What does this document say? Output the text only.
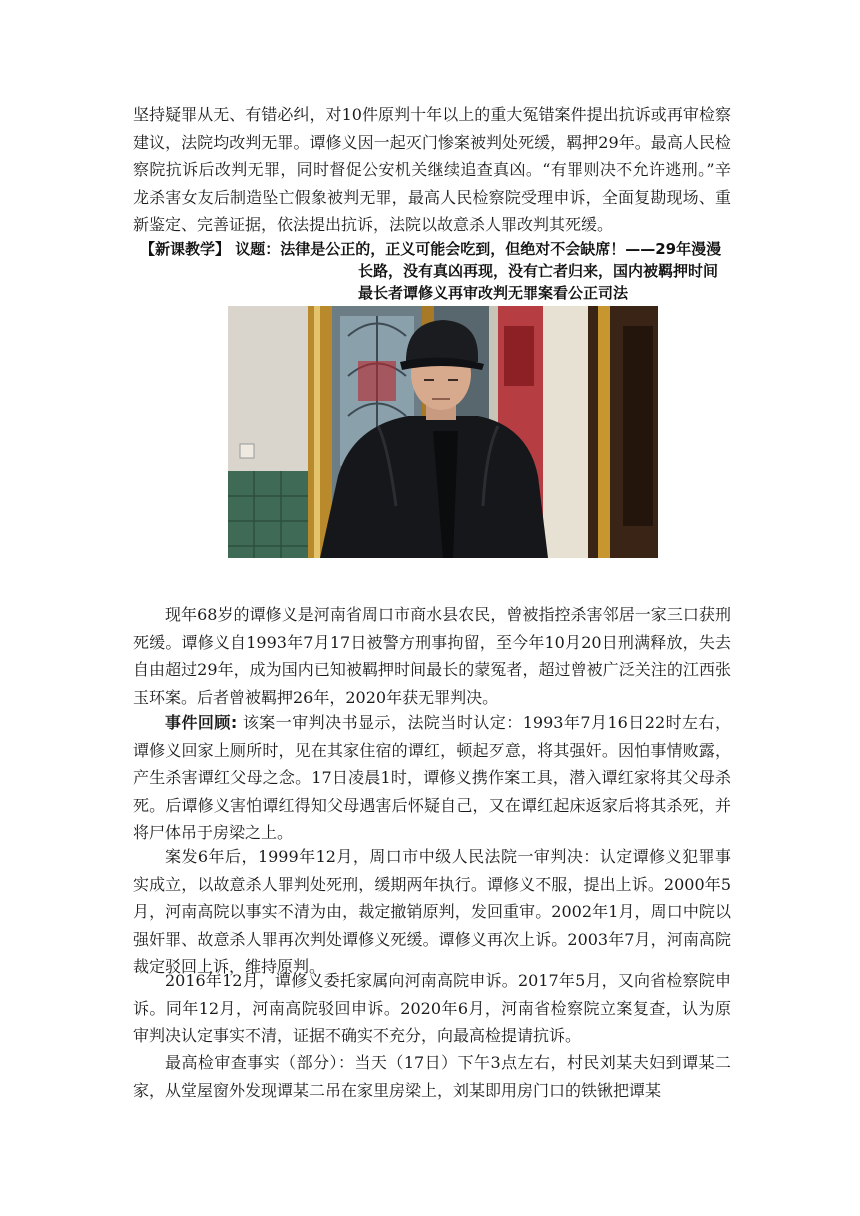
坚持疑罪从无、有错必纠，对10件原判十年以上的重大冤错案件提出抗诉或再审检察建议，法院均改判无罪。谭修义因一起灭门惨案被判处死缓，羁押29年。最高人民检察院抗诉后改判无罪，同时督促公安机关继续追查真凶。“有罪则决不允许逃刑。”辛龙杀害女友后制造坠亡假象被判无罪，最高人民检察院受理申诉，全面复勘现场、重新鉴定、完善证据，依法提出抗诉，法院以故意杀人罪改判其死缓。

【新课教学】 议题：法律是公正的，正义可能会吃到，但绝对不会缺席！——29年漫漫
长路，没有真凶再现，没有亡者归来，国内被羁押时间
最长者谭修义再审改判无罪案看公正司法

现年68岁的谭修义是河南省周口市商水县农民，曾被指控杀害邻居一家三口获刑死缓。谭修义自1993年7月17日被警方刑事拘留，至今年10月20日刑满释放，失去自由超过29年，成为国内已知被羁押时间最长的蒙冤者，超过曾被广泛关注的江西张玉环案。后者曾被羁押26年，2020年获无罪判决。

事件回顾: 该案一审判决书显示，法院当时认定：1993年7月16日22时左右，谭修义回家上厕所时，见在其家住宿的谭红，顿起歹意，将其强奸。因怕事情败露，产生杀害谭红父母之念。17日凌晨1时，谭修义携作案工具，潜入谭红家将其父母杀死。后谭修义害怕谭红得知父母遇害后怀疑自己，又在谭红起床返家后将其杀死，并将尸体吊于房梁之上。

案发6年后，1999年12月，周口市中级人民法院一审判决：认定谭修义犯罪事实成立，以故意杀人罪判处死刑，缓期两年执行。谭修义不服，提出上诉。2000年5月，河南高院以事实不清为由，裁定撤销原判，发回重审。2002年1月，周口中院以强奸罪、故意杀人罪再次判处谭修义死缓。谭修义再次上诉。2003年7月，河南高院裁定驳回上诉，维持原判。

2016年12月，谭修义委托家属向河南高院申诉。2017年5月，又向省检察院申诉。同年12月，河南高院驳回申诉。2020年6月，河南省检察院立案复查，认为原审判决认定事实不清，证据不确实不充分，向最高检提请抗诉。

最高检审查事实（部分）：当天（17日）下午3点左右，村民刘某夫妇到谭某二家，从堂屋窗外发现谭某二吊在家里房梁上，刘某即用房门口的铁锹把谭某
